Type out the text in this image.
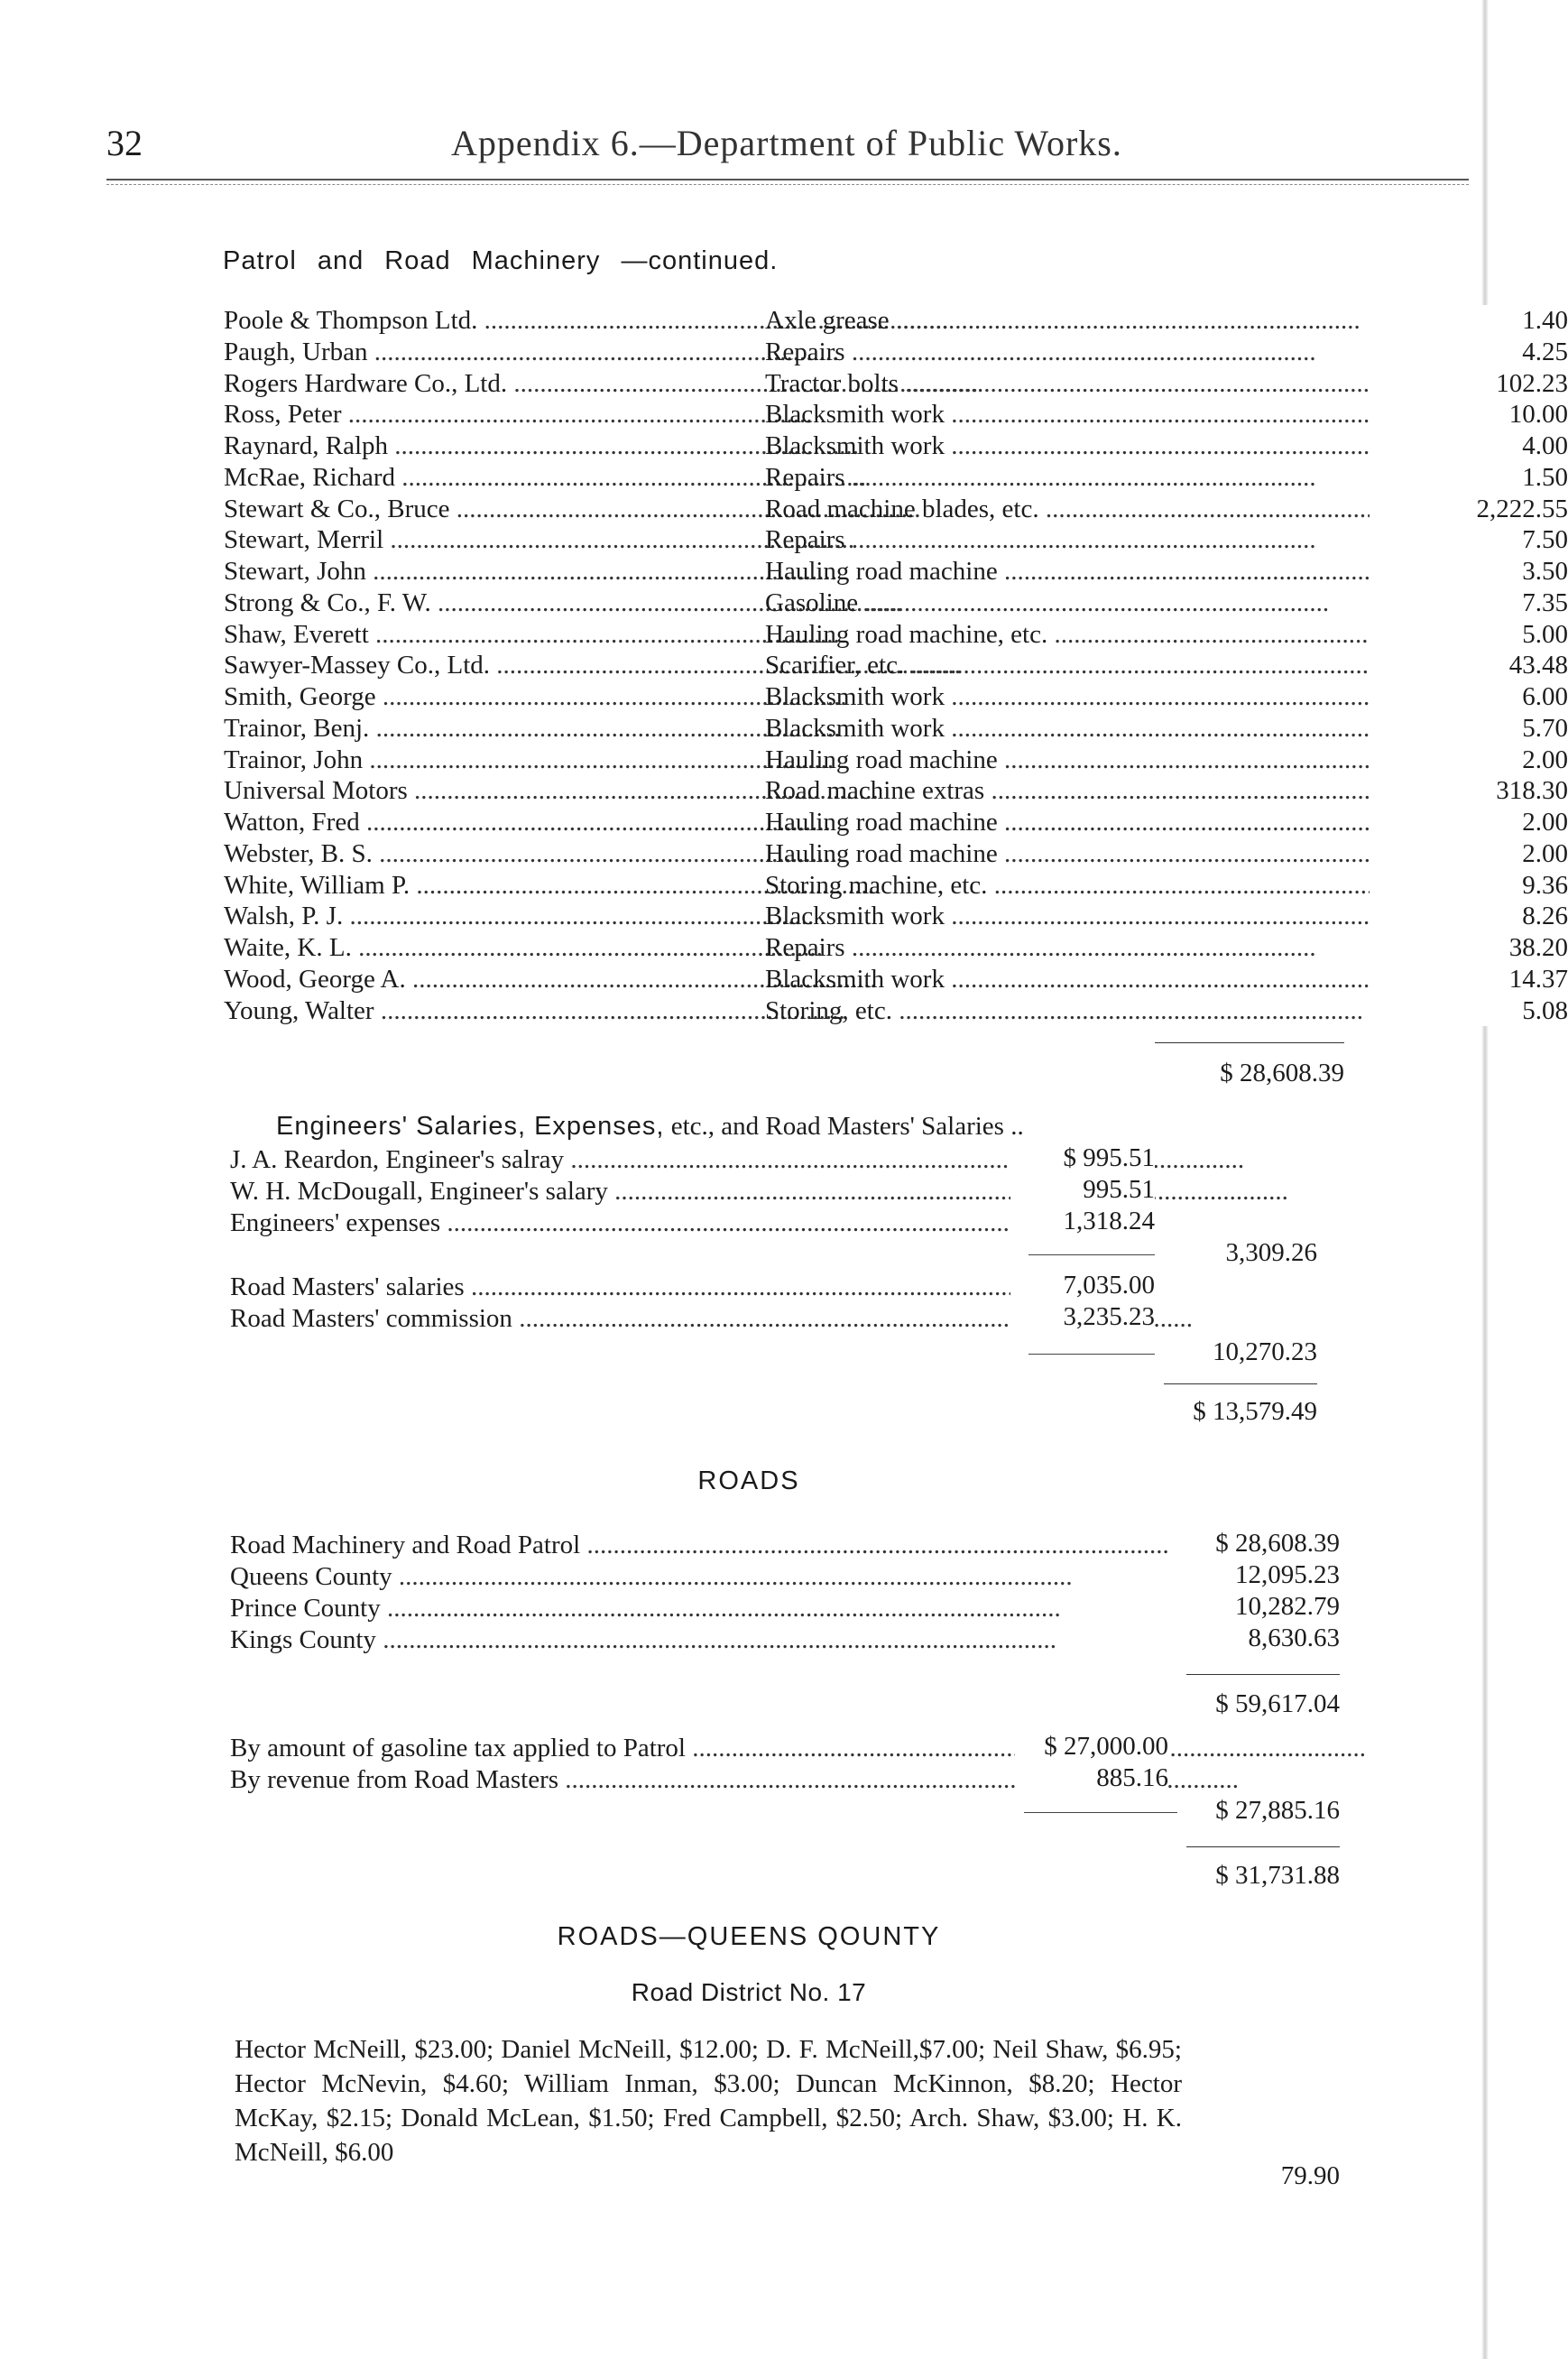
32	Appendix 6.—Department of Public Works.
Patrol and Road Machinery —continued.
Poole & Thompson Ltd. .....	Axle grease .....	1.40
Paugh, Urban .....	Repairs .....	4.25
Rogers Hardware Co., Ltd. .....	Tractor bolts .....	102.23
Ross, Peter .....	Blacksmith work .....	10.00
Raynard, Ralph .....	Blacksmith work .....	4.00
McRae, Richard .....	Repairs .....	1.50
Stewart & Co., Bruce .....	Road machine blades, etc. .....	2,222.55
Stewart, Merril .....	Repairs .....	7.50
Stewart, John .....	Hauling road machine .....	3.50
Strong & Co., F. W. .....	Gasoline .....	7.35
Shaw, Everett .....	Hauling road machine, etc. .....	5.00
Sawyer-Massey Co., Ltd. .....	Scarifier, etc. .....	43.48
Smith, George .....	Blacksmith work .....	6.00
Trainor, Benj. .....	Blacksmith work .....	5.70
Trainor, John .....	Hauling road machine .....	2.00
Universal Motors .....	Road machine extras .....	318.30
Watton, Fred .....	Hauling road machine .....	2.00
Webster, B. S. .....	Hauling road machine .....	2.00
White, William P. .....	Storing machine, etc. .....	9.36
Walsh, P. J. .....	Blacksmith work .....	8.26
Waite, K. L. .....	Repairs .....	38.20
Wood, George A. .....	Blacksmith work .....	14.37
Young, Walter .....	Storing, etc. .....	5.08
$ 28,608.39
Engineers' Salaries, Expenses, etc., and Road Masters' Salaries ..
J. A. Reardon, Engineer's salray .....	$ 995.51
W. H. McDougall, Engineer's salary .....	995.51
Engineers' expenses .....	1,318.24
3,309.26
Road Masters' salaries .....	7,035.00
Road Masters' commission .....	3,235.23
10,270.23
$ 13,579.49
ROADS
Road Machinery and Road Patrol .....	$ 28,608.39
Queens County .....	12,095.23
Prince County .....	10,282.79
Kings County .....	8,630.63
$ 59,617.04
By amount of gasoline tax applied to Patrol .....	$ 27,000.00
By revenue from Road Masters .....	885.16
$ 27,885.16
$ 31,731.88
ROADS—QUEENS QOUNTY
Road District No. 17
Hector McNeill, $23.00; Daniel McNeill, $12.00; D. F. McNeill,$7.00; Neil Shaw, $6.95; Hector McNevin, $4.60; William Inman, $3.00; Duncan McKinnon, $8.20; Hector McKay, $2.15; Donald McLean, $1.50; Fred Campbell, $2.50; Arch. Shaw, $3.00; H. K. McNeill, $6.00
79.90
